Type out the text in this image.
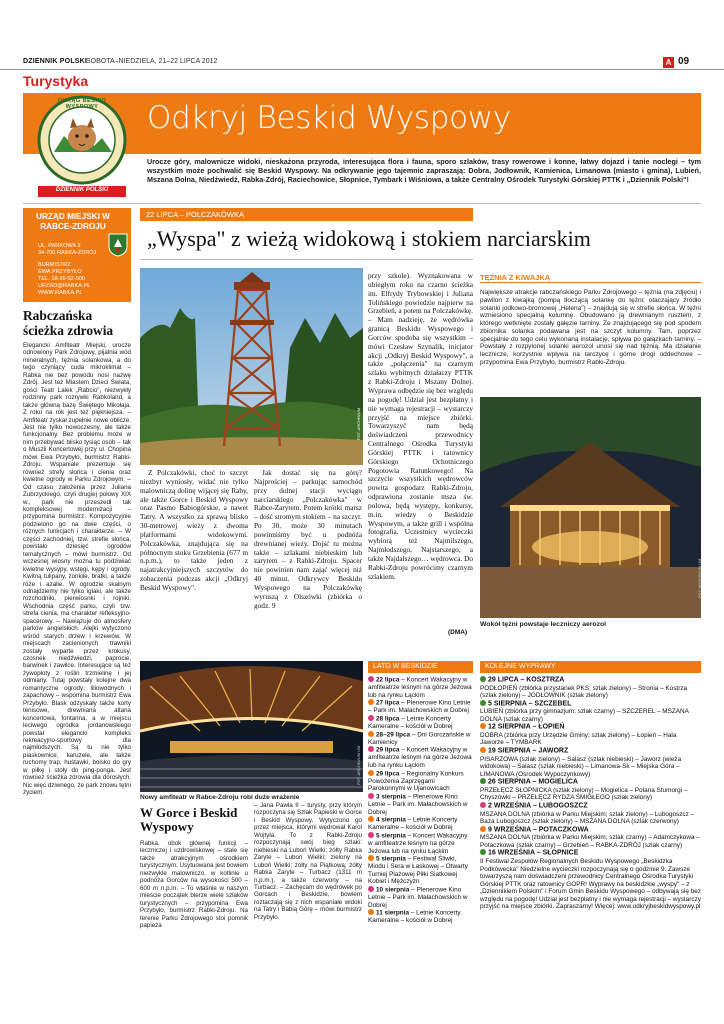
DZIENNIK POLSKI
SOBOTA–NIEDZIELA, 21–22 LIPCA 2012	A 09
Turystyka
Odkryj Beskid Wyspowy
OKRĄG BESKID WYSPOWY
DZIENNIK POLSKI
Urocze góry, malownicze widoki, nieskażona przyroda, interesująca flora i fauna, sporo szlaków, trasy rowerowe i konne, łatwy dojazd i tanie noclegi – tym wszystkim może pochwalić się Beskid Wyspowy. Na odkrywanie jego tajemnic zapraszają: Dobra, Jodłownik, Kamienica, Limanowa (miasto i gmina), Lubień, Mszana Dolna, Niedźwiedź, Rabka-Zdrój, Raciechowice, Słopnice, Tymbark i Wiśniowa, a także Centralny Ośrodek Turystyki Górskiej PTTK i „Dziennik Polski"!
URZĄD MIEJSKI W RABCE-ZDROJU
UL. PARKOWA 2
34-700 RABKA-ZDRÓJ
BURMISTRZ
EWA PRZYBYŁO
TEL. 18-26-92-000
URZAD@RABKA.PL
WWW.RABKA.PL
Rabczańska ścieżka zdrowia
Elegancki Amfiteatr Miejski, urocze odnowiony Park Zdrojowy, pijalnia wód mineralnych, tężnia solankowa, a do tego czyniący cuda mikroklimat – Rabka nie bez powodu nosi nazwę Zdrój. Jest też Miastem Dzieci Świata, gości Teatr Lalek „Rabcio", niezwykły rodzinny park rozrywki Rabkoland, a także główną bazę Świętego Mikołaja. Z roku na rok jest też piękniejsza. – Amfiteatr zyskał zupełnie nowe oblicze. Jest nie tylko nowoczesny, ale także funkcjonalny. Bez problemu może w nim przebywać blisko tysiąc osób – tak o Muszli Koncertowej przy ul. Chopina mówi Ewa Przybyło, burmistrz Rabki-Zdroju. Wspaniale prezentuje się również strefy słońca i cienia oraz kwietne ogrody w Parku Zdrojowym. – Od czasu założenia przez Juliana Zubrzyckiego, czyli drugiej połowy XIX w., park nie przeszedł tak kompleksowej modernizacji – przypomina burmistrz. Kompozycyjnie podzielono go na dwie części, o różnych funkcjach i charakterze. – W części zachodniej, tzw. strefie słońca, powstało dziesięć ogrodów tematycznych – mówi burmistrz. Od wczesnej wiosny można tu podziwiać kwietne wysypy, wstęgi, kępy i ogrody. Kwitną tulipany, żonkile, bratki, a także róże i azalie. W ogrodzie skalnym odnajdziemy nie tylko iglaki, ale także rozchodniki, pierwiosnki i rojniki. Wschodnia część parku, czyli tzw. strefa cienia, ma charakter refleksyjno-spacerowy. – Nawiązuje do atmosfery parków angielskich. Alejki wytyczono wśród starych drzew i krzewów. W miejscach zacienionych trawniki zostały wyparte przez krokusy, czosnek niedźwiedzi, paprocie, barwinek i zawilce. Interesujące są też żywopłoty z roślin trzmielinę i jej odmiany. Tutaj powstały kolejne dwa romantyczne ogrody: liliowodnych i zapachowy – wspomina burmistrz Ewa Przybyło. Blask odzyskały także korty tenisowe, drewniana altana koncertowa, fontanna, a w miejscu leciwego ogródka jordanowskiego powstał elegancki kompleks rekreacyjno-sportowy dla najmłodszych. Są tu nie tylko piaskownice, karuzele, ale także ruchomy trap, huśtawki, boisko do gry w piłkę i stoły do ping-ponga. Jest również ścieżka zdrowia dla dorosłych. Nic więc dziwnego, że park znowu tętni życiem.
22 LIPCA – POLCZAKÓWKA
„Wyspa" z wieżą widokową i stokiem narciarskim
FOT. ARCHIWUM
Z Polczakówki, choć to szczyt niezbyt wyniosły, widać nie tylko malowniczą dolinę wijącej się Raby, ale także Gorce i Beskid Wyspowy oraz Pasmo Babiogórskie, a nawet Tatry. A wszystko za sprawą blisko 30-metrowej wieży z dwoma platformami widokowymi. Polczakówka, znajdująca się na północnym stoku Grzebienia (677 m n.p.m.), to także jeden z najatrakcyjniejszych szczytów do zobaczenia podczas akcji „Odkryj Beskid Wyspowy".
Jak dostać się na górę? Najprościej – parkując samochód przy dolnej stacji wyciągu narciarskiego „Polczakówka" w Rabce-Zarytem. Potem krótki marsz – dość stromym stokiem – na szczyt. Po 30, może 30 minutach powinniśmy być u podnóża drewnianej wieży. Dojść tu można także – szlakami niebieskim lub zarytem – z Rabki-Zdroju. Spacer nie powinien nam zająć więcej niż 40 minut. Odkrywcy Beskidu Wyspowego na Polczakówkę wyruszą z Olszówki (zbiórka o godz. 9
przy szkole). Wyznakowana w ubiegłym roku na czarno ścieżka im. Elfrydy Trybowskiej i Juliana Tolińskiego powiedzie najpierw na Grzebień, a potem na Polczakówkę. – Mam nadzieję, że wędrówka granicą Beskidu Wyspowego i Gorców spodoba się wszystkim – mówi Czesław Szynalik, inicjator akcji „Odkryj Beskid Wyspowy", a także „połączenia" na czarnym szlaku wybitnych działaczy PTTK z Rabki-Zdroju i Mszany Dolnej. Wyprawa odbędzie się bez względu na pogodę! Udział jest bezpłatny i nie wymaga rejestracji – wystarczy przyjść na miejsce zbiórki. Towarzyszyć nam będą doświadczeni przewodnicy Centralnego Ośrodka Turystyki Górskiej PTTK i ratownicy Górskiego Ochotniczego Pogotowia Ratunkowego! Na szczycie wszystkich wędrowców powita gospodarz Rabki-Zdroju, odprawiona zostanie msza św. polowa, będą występy, konkursy, m.in. wiedzy o Beskidzie Wyspowym, a także grill i wspólna fotografia. Uczestnicy wycieczki wybiorą też Najmilszego, Najmłodszego, Najstarszego, a także Najdalszego… wędrowca. Do Rabki-Zdroju powrócimy czarnym szlakiem.
(DMA)
TĘŻNIA Z KIWAJKĄ
Największe atrakcje rabczańskiego Parku Zdrojowego – tężnia (na zdjęciu) i pawilon z kiwajką (pompą tłoczącą solankę do tężni; otaczający źródło solanki jodkowo-bromowej „Helena") – znajdują się w strefie słońca. W tężni wzniesiono specjalną kolumnę. Obudowano ją drewnianym rusztem, z którego wetknięte zostały gałęzie tarniny. Ze znajdującego się pod spodem zbiornika solanka podawana jest na szczyt kolumny. Tam, poprzez specjalnie do tego celu wykonaną instalację, spływa po gałązkach tarniny. – Powstały z rozpylonej solanki aerozol unosi się nad tężnią. Ma działanie lecznicze, korzystnie wpływa na tarczycę i górne drogi oddechowe – przypomina Ewa Przybyło, burmistrz Rabki-Zdroju.
FOT. ARCHIWUM UM
Wokół tężni powstaje leczniczy aerozol
FOT. ARCHIWUM UM
Nowy amfiteatr w Rabce-Zdroju robi duże wrażenie
W Gorce i Beskid Wyspowy
Rabka, obok głównej funkcji – leczniczej i uzdrowiskowej – stale się także atrakcyjnym ośrodkiem turystycznym. Usytuowana jest bowiem niezwykle malowniczo, w kotlinie u podnóża Gorców na wysokości 500 – 600 m n.p.m. – To właśnie w naszym mieście początek bierze wiele szlaków turystycznych – przypomina Ewa Przybyło, burmistrz Rabki-Zdroju. Na terenie Parku Zdrojowego stoi pomnik papieża
– Jana Pawła II – turysty, przy którym rozpoczyna się Szlak Papieski w Gorce i Beskid Wyspowy. Wytyczono go przez miejsca, którymi wędrował Karol Wojtyła. To z Rabki-Zdroju rozpoczynają swój bieg szlaki: niebieski na Luboń Wielki; żółty Rabka Zaryte – Luboń Wielki; zielony na Luboń Wielki; żółty na Piątkową; żółty Rabka Zaryte – Turbacz (1311 m n.p.m.), a także czerwony – na Turbacz. – Zachęcam do wędrówek po Gorcach i Beskidzie, bowiem roztaczają się z nich wspaniałe widoki na Tatry i Babią Górę – mówi burmistrz Przybyło.
LATO W BESKIDZIE
22 lipca – Koncert Wakacyjny w amfiteatrze leśnym na górze Jeżowa lub na rynku Łąckim
27 lipca – Plenerowe Kino Letnie – Park im. Małachowskich w Dobrej
28 lipca – Letnie Koncerty Kameralne – kościół w Dobrej
28–29 lipca – Dni Gorczańskie w Kamienicy
29 lipca – Koncert Wakacyjny w amfiteatrze leśnym na górze Jeżowa lub na rynku Łąckim
29 lipca – Regionalny Konkurs Powożenia Zaprzęgami Parokonnymi w Ujanowicach
3 sierpnia – Plenerowe Kino Letnie – Park im. Małachowskich w Dobrej
4 sierpnia – Letnie Koncerty Kameralne – kościół w Dobrej
5 sierpnia – Koncert Wakacyjny w amfiteatrze leśnym na górze Jeżowa lub na rynku Łąckim
5 sierpnia – Festiwal Śliwki, Miodu i Sera w Łaskowej – Otwarty Turniej Plażowej Piłki Siatkowej Kobiet i Mężczyzn
10 sierpnia – Plenerowe Kino Letnie – Park im. Małachowskich w Dobrej
11 sierpnia – Letnie Koncerty Kameralne – kościół w Dobrej
KOLEJNE WYPRAWY
29 LIPCA – KOSZTRZA
PODŁOPIEŃ (zbiórka przystanek PKS; szlak zielony) – Stronia – Kostrza (szlak zielony) – JODŁOWNIK (szlak zielony)
5 SIERPNIA – SZCZEBEL
LUBIEŃ (zbiórka przy gimnazjum; szlak czarny) – SZCZEREL – MSZANA DOLNA (szlak czarny)
12 SIERPNIA – ŁOPIEŃ
DOBRA (zbiórka przy Urzędzie Gminy; szlak zielony) – Łopień – Hala Jaworze – TYMBARK
19 SIERPNIA – JAWORZ
PISARZOWA (szlak zielony) – Salasz (szlak niebieski) – Jaworz (wieża widokowa) – Salasz (szlak niebieski) – Limanowa-Sk – Miejska Góra – LIMANOWA (Ośrodek Wypoczynkowy)
26 SIERPNIA – MOGIELICA
PRZEŁĘCZ SŁOPNICKA (szlak zielony) – Mogielica – Polana Stumorgi – Chyszówki – PRZEŁĘCZ RYDZA ŚMIGŁEGO (szlak zielony)
2 WRZEŚNIA – LUBOGOSZCZ
MSZANA DOLNA (zbiórka w Parku Miejskim; szlak zielony) – Lubogoszcz – Baza Lubogoszcz (szlak zielony) – MSZANA DOLNA (szlak czerwony)
9 WRZEŚNIA – POTACZKOWA
MSZANA DOLNA (zbiórka w Parku Miejskim; szlak czarny) – Adamczykowa – Potaczkowa (szlak czarny) – Grzebień – RABKA-ZDRÓJ (szlak czarny)
16 WRZEŚNIA – SŁOPNICE
II Festiwal Zespołów Regionalnych Beskidu Wyspowego „Beskidzka Podkówecka" Niedzielne wycieczki rozpoczynają się o godzinie 9. Zawsze towarzyszą nam doświadczeni przewodnicy Centralnego Ośrodka Turystyki Górskiej PTTK oraz ratownicy GOPR! Wyprawy na beskidzkie „wyspy" – z „Dziennikiem Polskim" i Forum Gmin Beskidu Wyspowego – odbywają się bez względu na pogodę! Udział jest bezpłatny i nie wymaga rejestracji – wystarczy przyjść na miejsce zbiórki. Zapraszamy! Więcej: www.odkryjbeskidwyspowy.pl
